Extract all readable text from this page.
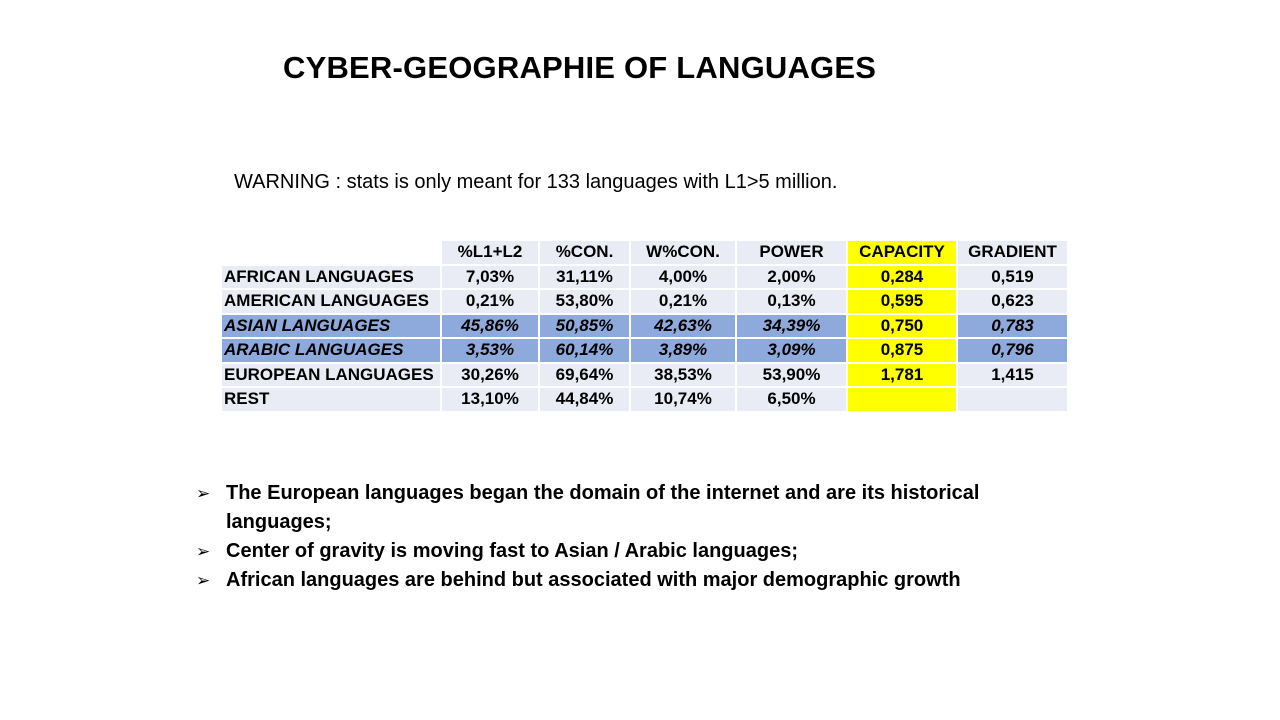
CYBER-GEOGRAPHIE OF LANGUAGES
WARNING : stats is only meant for 133 languages with L1>5 million.
	%L1+L2	%CON.	W%CON.	POWER	CAPACITY	GRADIENT
AFRICAN LANGUAGES	7,03%	31,11%	4,00%	2,00%	0,284	0,519
AMERICAN LANGUAGES	0,21%	53,80%	0,21%	0,13%	0,595	0,623
ASIAN LANGUAGES	45,86%	50,85%	42,63%	34,39%	0,750	0,783
ARABIC LANGUAGES	3,53%	60,14%	3,89%	3,09%	0,875	0,796
EUROPEAN LANGUAGES	30,26%	69,64%	38,53%	53,90%	1,781	1,415
REST	13,10%	44,84%	10,74%	6,50%		
➢ The European languages began the domain of the internet and are its historical languages;
➢ Center of gravity is moving fast to Asian / Arabic languages;
➢ African languages are behind but associated with major demographic growth
